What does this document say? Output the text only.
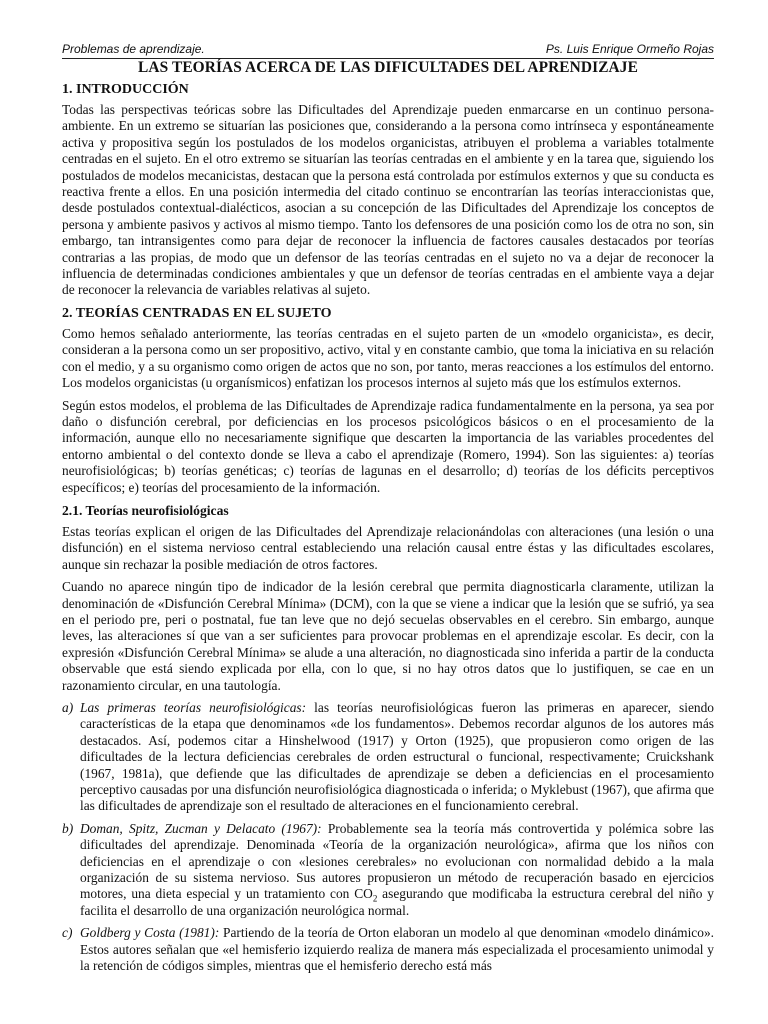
Problemas de aprendizaje.	Ps. Luis Enrique Ormeño Rojas
LAS TEORÍAS ACERCA DE LAS DIFICULTADES DEL APRENDIZAJE
1. INTRODUCCIÓN

Todas las perspectivas teóricas sobre las Dificultades del Aprendizaje pueden enmarcarse en un continuo persona-ambiente. En un extremo se situarían las posiciones que, considerando a la persona como intrínseca y espontáneamente activa y propositiva según los postulados de los modelos organicistas, atribuyen el problema a variables totalmente centradas en el sujeto. En el otro extremo se situarían las teorías centradas en el ambiente y en la tarea que, siguiendo los postulados de modelos mecanicistas, destacan que la persona está controlada por estímulos externos y que su conducta es reactiva frente a ellos. En una posición intermedia del citado continuo se encontrarían las teorías interaccionistas que, desde postulados contextual-dialécticos, asocian a su concepción de las Dificultades del Aprendizaje los conceptos de persona y ambiente pasivos y activos al mismo tiempo. Tanto los defensores de una posición como los de otra no son, sin embargo, tan intransigentes como para dejar de reconocer la influencia de factores causales destacados por teorías contrarias a las propias, de modo que un defensor de las teorías centradas en el sujeto no va a dejar de reconocer la influencia de determinadas condiciones ambientales y que un defensor de teorías centradas en el ambiente vaya a dejar de reconocer la relevancia de variables relativas al sujeto.

2. TEORÍAS CENTRADAS EN EL SUJETO

Como hemos señalado anteriormente, las teorías centradas en el sujeto parten de un «modelo organicista», es decir, consideran a la persona como un ser propositivo, activo, vital y en constante cambio, que toma la iniciativa en su relación con el medio, y a su organismo como origen de actos que no son, por tanto, meras reacciones a los estímulos del entorno. Los modelos organicistas (u organísmicos) enfatizan los procesos internos al sujeto más que los estímulos externos.

Según estos modelos, el problema de las Dificultades de Aprendizaje radica fundamentalmente en la persona, ya sea por daño o disfunción cerebral, por deficiencias en los procesos psicológicos básicos o en el procesamiento de la información, aunque ello no necesariamente signifique que descarten la importancia de las variables procedentes del entorno ambiental o del contexto donde se lleva a cabo el aprendizaje (Romero, 1994). Son las siguientes: a) teorías neurofisiológicas; b) teorías genéticas; c) teorías de lagunas en el desarrollo; d) teorías de los déficits perceptivos específicos; e) teorías del procesamiento de la información.

2.1. Teorías neurofisiológicas

Estas teorías explican el origen de las Dificultades del Aprendizaje relacionándolas con alteraciones (una lesión o una disfunción) en el sistema nervioso central estableciendo una relación causal entre éstas y las dificultades escolares, aunque sin rechazar la posible mediación de otros factores.

Cuando no aparece ningún tipo de indicador de la lesión cerebral que permita diagnosticarla claramente, utilizan la denominación de «Disfunción Cerebral Mínima» (DCM), con la que se viene a indicar que la lesión que se sufrió, ya sea en el periodo pre, peri o postnatal, fue tan leve que no dejó secuelas observables en el cerebro. Sin embargo, aunque leves, las alteraciones sí que van a ser suficientes para provocar problemas en el aprendizaje escolar. Es decir, con la expresión «Disfunción Cerebral Mínima» se alude a una alteración, no diagnosticada sino inferida a partir de la conducta observable que está siendo explicada por ella, con lo que, si no hay otros datos que lo justifiquen, se cae en un razonamiento circular, en una tautología.

a) Las primeras teorías neurofisiológicas: las teorías neurofisiológicas fueron las primeras en aparecer, siendo características de la etapa que denominamos «de los fundamentos». Debemos recordar algunos de los autores más destacados. Así, podemos citar a Hinshelwood (1917) y Orton (1925), que propusieron como origen de las dificultades de la lectura deficiencias cerebrales de orden estructural o funcional, respectivamente; Cruickshank (1967, 1981a), que defiende que las dificultades de aprendizaje se deben a deficiencias en el procesamiento perceptivo causadas por una disfunción neurofisiológica diagnosticada o inferida; o Myklebust (1967), que afirma que las dificultades de aprendizaje son el resultado de alteraciones en el funcionamiento cerebral.
b) Doman, Spitz, Zucman y Delacato (1967): Probablemente sea la teoría más controvertida y polémica sobre las dificultades del aprendizaje. Denominada «Teoría de la organización neurológica», afirma que los niños con deficiencias en el aprendizaje o con «lesiones cerebrales» no evolucionan con normalidad debido a la mala organización de su sistema nervioso. Sus autores propusieron un método de recuperación basado en ejercicios motores, una dieta especial y un tratamiento con $CO_2$ asegurando que modificaba la estructura cerebral del niño y facilita el desarrollo de una organización neurológica normal.
c) Goldberg y Costa (1981): Partiendo de la teoría de Orton elaboran un modelo al que denominan «modelo dinámico». Estos autores señalan que «el hemisferio izquierdo realiza de manera más especializada el procesamiento unimodal y la retención de códigos simples, mientras que el hemisferio derecho está más
